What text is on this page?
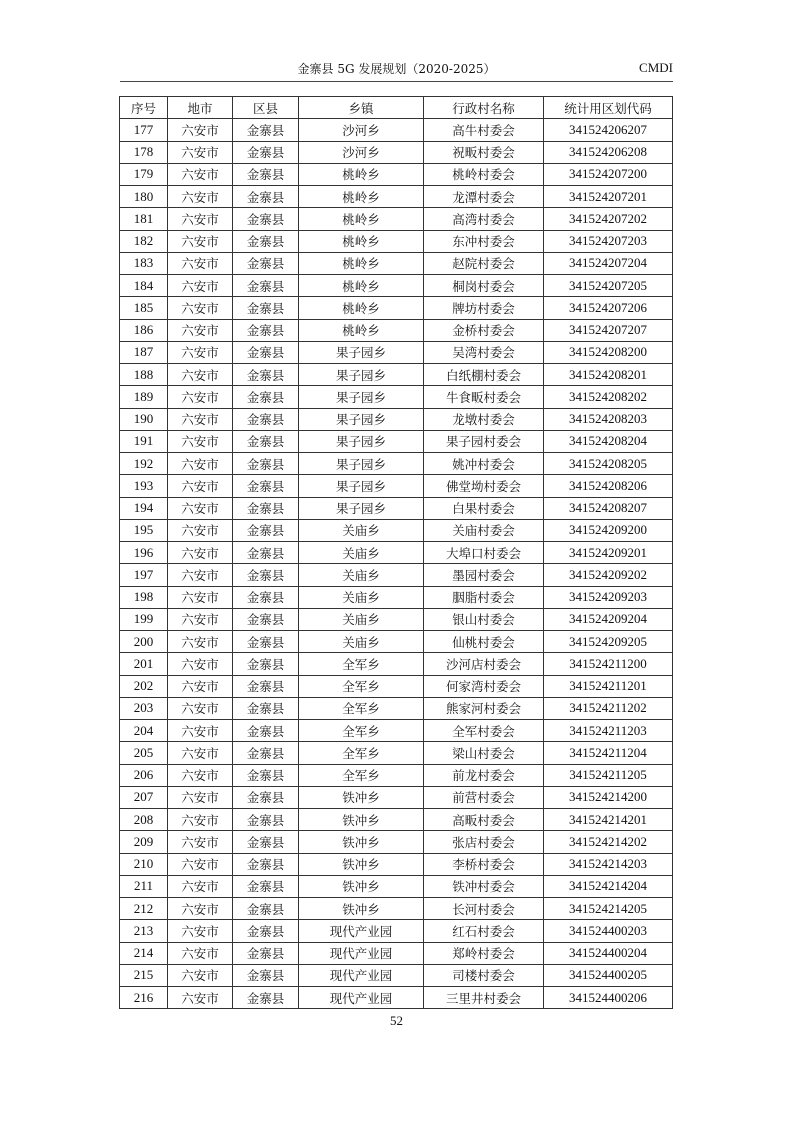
金寨县 5G 发展规划（2020-2025）	CMDI
序号	地市	区县	乡镇	行政村名称	统计用区划代码
177	六安市	金寨县	沙河乡	高牛村委会	341524206207
178	六安市	金寨县	沙河乡	祝畈村委会	341524206208
179	六安市	金寨县	桃岭乡	桃岭村委会	341524207200
180	六安市	金寨县	桃岭乡	龙潭村委会	341524207201
181	六安市	金寨县	桃岭乡	高湾村委会	341524207202
182	六安市	金寨县	桃岭乡	东冲村委会	341524207203
183	六安市	金寨县	桃岭乡	赵院村委会	341524207204
184	六安市	金寨县	桃岭乡	桐岗村委会	341524207205
185	六安市	金寨县	桃岭乡	牌坊村委会	341524207206
186	六安市	金寨县	桃岭乡	金桥村委会	341524207207
187	六安市	金寨县	果子园乡	吴湾村委会	341524208200
188	六安市	金寨县	果子园乡	白纸棚村委会	341524208201
189	六安市	金寨县	果子园乡	牛食畈村委会	341524208202
190	六安市	金寨县	果子园乡	龙墩村委会	341524208203
191	六安市	金寨县	果子园乡	果子园村委会	341524208204
192	六安市	金寨县	果子园乡	姚冲村委会	341524208205
193	六安市	金寨县	果子园乡	佛堂坳村委会	341524208206
194	六安市	金寨县	果子园乡	白果村委会	341524208207
195	六安市	金寨县	关庙乡	关庙村委会	341524209200
196	六安市	金寨县	关庙乡	大埠口村委会	341524209201
197	六安市	金寨县	关庙乡	墨园村委会	341524209202
198	六安市	金寨县	关庙乡	胭脂村委会	341524209203
199	六安市	金寨县	关庙乡	银山村委会	341524209204
200	六安市	金寨县	关庙乡	仙桃村委会	341524209205
201	六安市	金寨县	全军乡	沙河店村委会	341524211200
202	六安市	金寨县	全军乡	何家湾村委会	341524211201
203	六安市	金寨县	全军乡	熊家河村委会	341524211202
204	六安市	金寨县	全军乡	全军村委会	341524211203
205	六安市	金寨县	全军乡	梁山村委会	341524211204
206	六安市	金寨县	全军乡	前龙村委会	341524211205
207	六安市	金寨县	铁冲乡	前营村委会	341524214200
208	六安市	金寨县	铁冲乡	高畈村委会	341524214201
209	六安市	金寨县	铁冲乡	张店村委会	341524214202
210	六安市	金寨县	铁冲乡	李桥村委会	341524214203
211	六安市	金寨县	铁冲乡	铁冲村委会	341524214204
212	六安市	金寨县	铁冲乡	长河村委会	341524214205
213	六安市	金寨县	现代产业园	红石村委会	341524400203
214	六安市	金寨县	现代产业园	郑岭村委会	341524400204
215	六安市	金寨县	现代产业园	司楼村委会	341524400205
216	六安市	金寨县	现代产业园	三里井村委会	341524400206
52
